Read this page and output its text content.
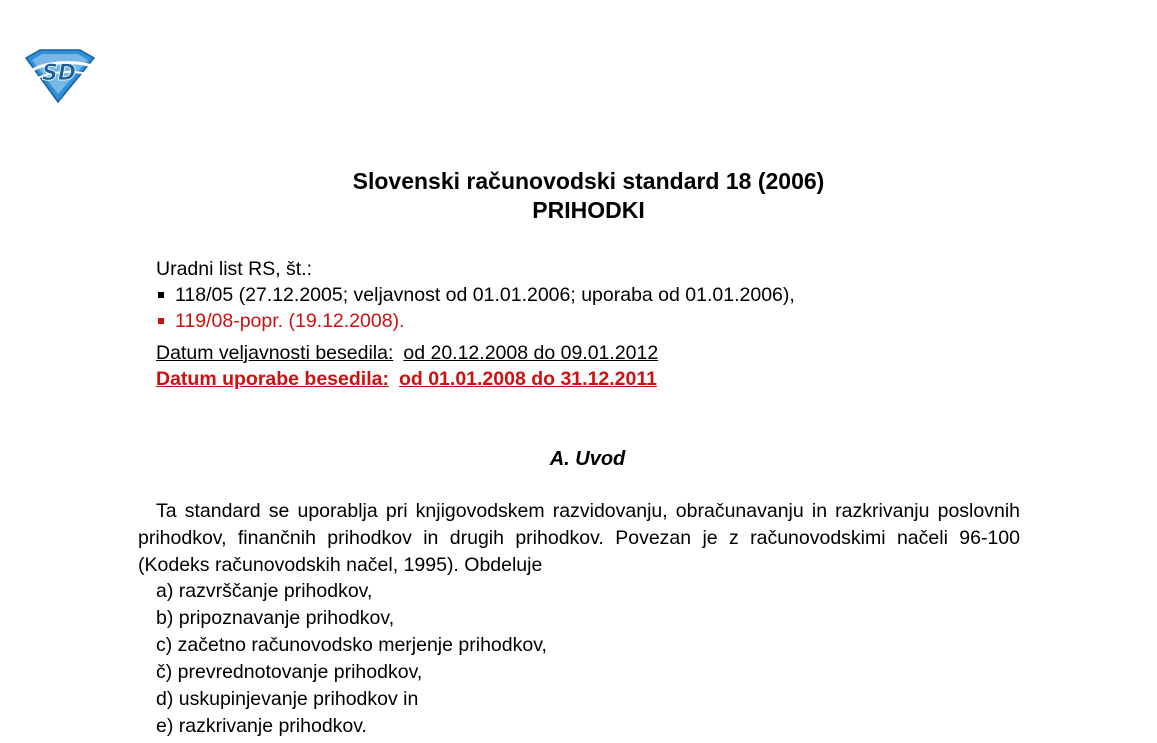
SD
Slovenski računovodski standard 18 (2006)
PRIHODKI
Uradni list RS, št.:
118/05 (27.12.2005; veljavnost od 01.01.2006; uporaba od 01.01.2006),
119/08-popr. (19.12.2008).
Datum veljavnosti besedila: od 20.12.2008 do 09.01.2012
Datum uporabe besedila: od 01.01.2008 do 31.12.2011
A. Uvod
Ta standard se uporablja pri knjigovodskem razvidovanju, obračunavanju in razkrivanju poslovnih prihodkov, finančnih prihodkov in drugih prihodkov. Povezan je z računovodskimi načeli 96-100 (Kodeks računovodskih načel, 1995). Obdeluje
a) razvrščanje prihodkov,
b) pripoznavanje prihodkov,
c) začetno računovodsko merjenje prihodkov,
č) prevrednotovanje prihodkov,
d) uskupinjevanje prihodkov in
e) razkrivanje prihodkov.
